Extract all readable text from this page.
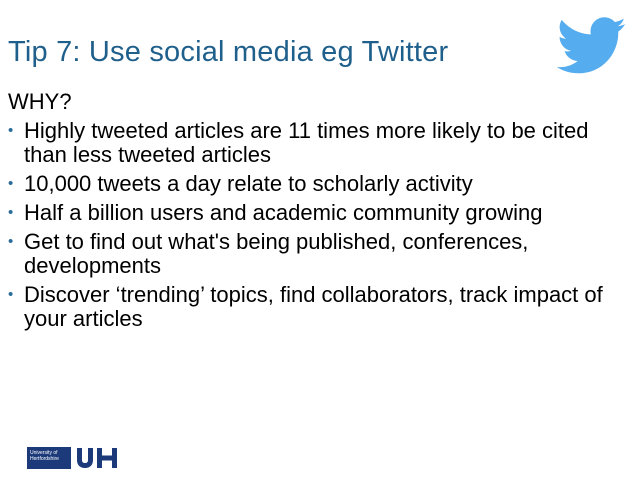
Tip 7: Use social media eg Twitter
WHY?
• Highly tweeted articles are 11 times more likely to be cited than less tweeted articles
• 10,000 tweets a day relate to scholarly activity
• Half a billion users and academic community growing
• Get to find out what's being published, conferences, developments
• Discover ‘trending’ topics, find collaborators, track impact of your articles
University of
Hertfordshire
